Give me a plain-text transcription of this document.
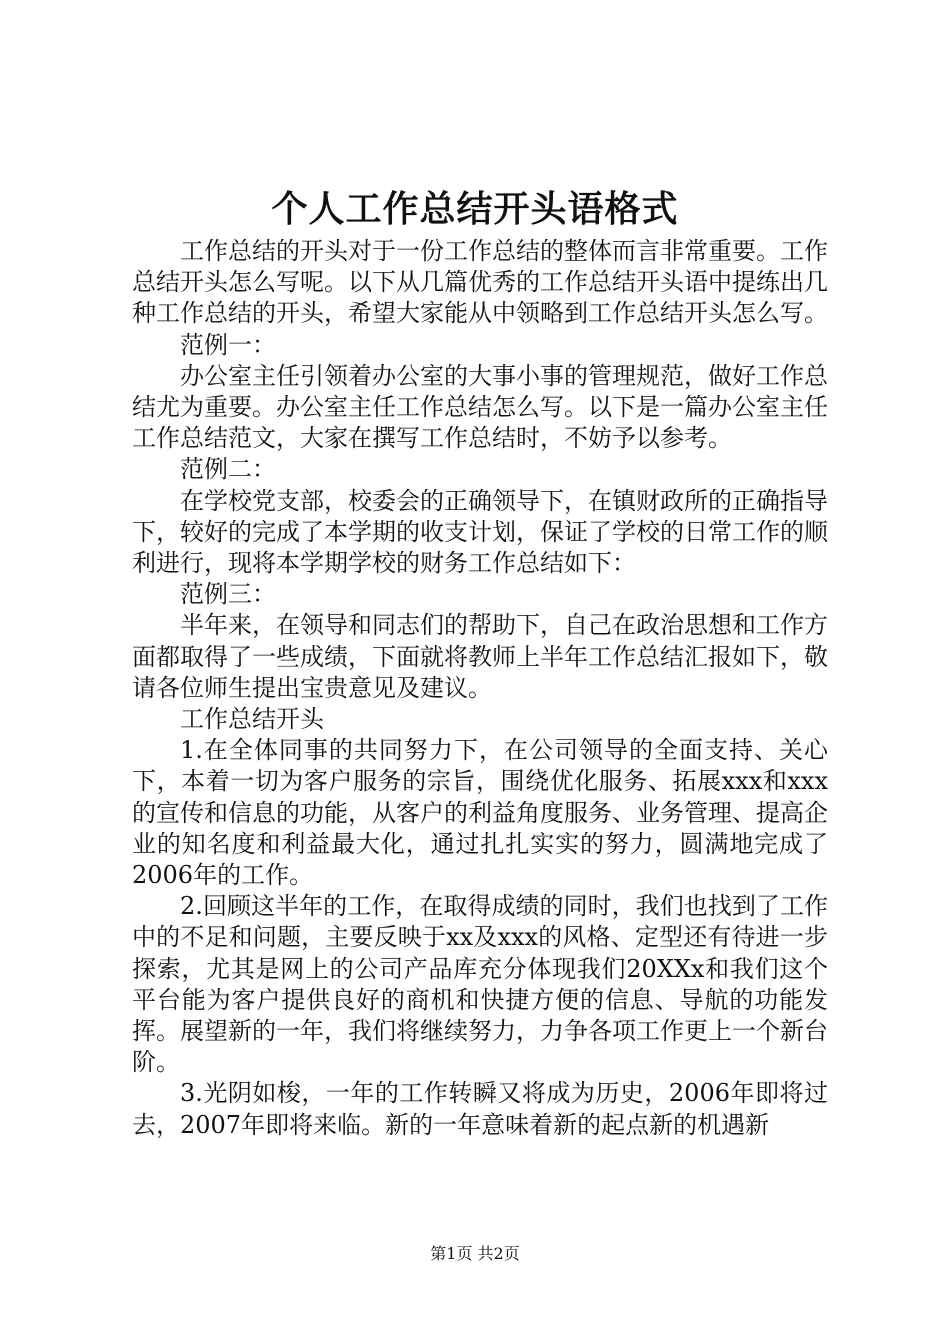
个人工作总结开头语格式

工作总结的开头对于一份工作总结的整体而言非常重要。工作总结开头怎么写呢。以下从几篇优秀的工作总结开头语中提练出几种工作总结的开头，希望大家能从中领略到工作总结开头怎么写。

范例一：

办公室主任引领着办公室的大事小事的管理规范，做好工作总结尤为重要。办公室主任工作总结怎么写。以下是一篇办公室主任工作总结范文，大家在撰写工作总结时，不妨予以参考。

范例二：

在学校党支部，校委会的正确领导下，在镇财政所的正确指导下，较好的完成了本学期的收支计划，保证了学校的日常工作的顺利进行，现将本学期学校的财务工作总结如下：

范例三：

半年来，在领导和同志们的帮助下，自己在政治思想和工作方面都取得了一些成绩，下面就将教师上半年工作总结汇报如下，敬请各位师生提出宝贵意见及建议。

工作总结开头

1.在全体同事的共同努力下，在公司领导的全面支持、关心下，本着一切为客户服务的宗旨，围绕优化服务、拓展xxx和xxx的宣传和信息的功能，从客户的利益角度服务、业务管理、提高企业的知名度和利益最大化，通过扎扎实实的努力，圆满地完成了2006年的工作。

2.回顾这半年的工作，在取得成绩的同时，我们也找到了工作中的不足和问题，主要反映于xx及xxx的风格、定型还有待进一步探索，尤其是网上的公司产品库充分体现我们20XXx和我们这个平台能为客户提供良好的商机和快捷方便的信息、导航的功能发挥。展望新的一年，我们将继续努力，力争各项工作更上一个新台阶。

3.光阴如梭，一年的工作转瞬又将成为历史，2006年即将过去，2007年即将来临。新的一年意味着新的起点新的机遇新

第1页 共2页
